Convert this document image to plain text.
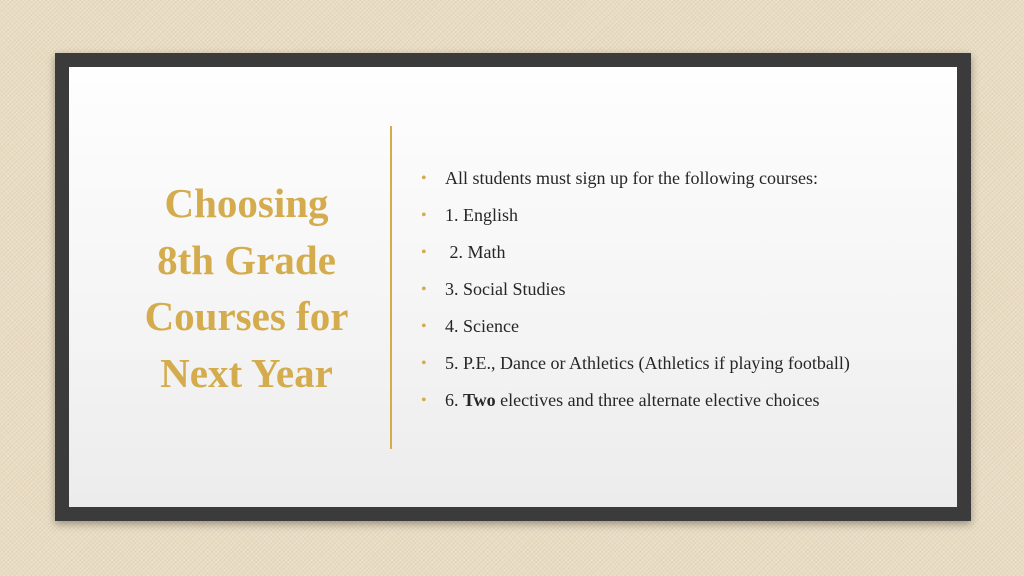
Choosing
8th Grade
Courses for
Next Year
• All students must sign up for the following courses:
• 1. English
• 2. Math
• 3. Social Studies
• 4. Science
• 5. P.E., Dance or Athletics (Athletics if playing football)
• 6. Two electives and three alternate elective choices
